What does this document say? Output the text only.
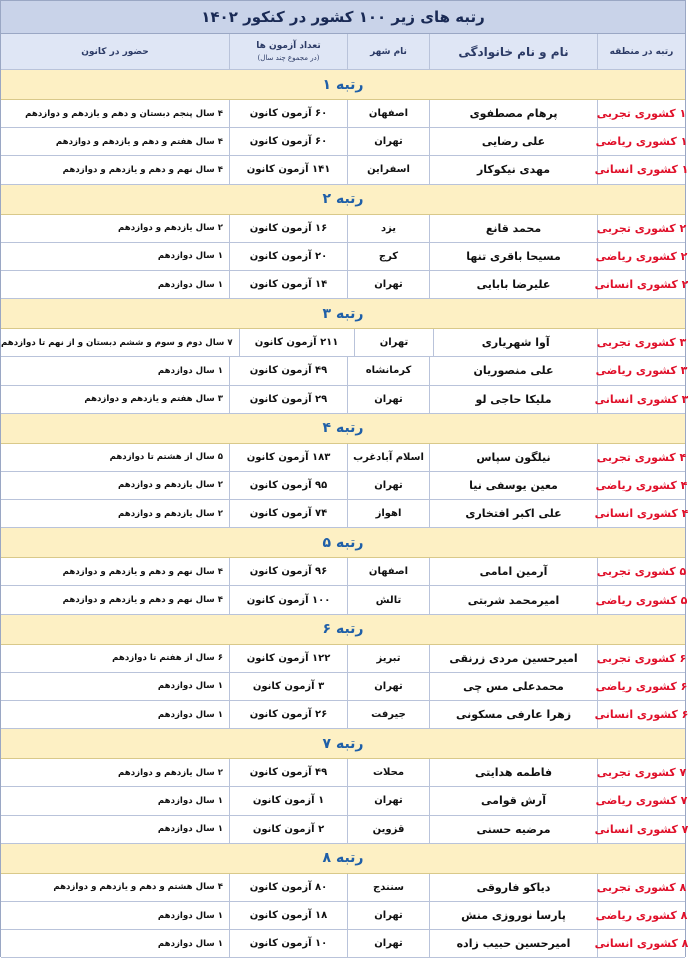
رتبه های زیر ۱۰۰ کشور در کنکور ۱۴۰۲
رتبه در منطقه
نام و نام خانوادگی
نام شهر
تعداد آزمون ها
(در مجموع چند سال)
حضور در کانون
رتبه ۱
۱ کشوری تجربی
پرهام مصطفوی
اصفهان
۶۰ آزمون کانون
۴ سال پنجم دبستان و دهم و یازدهم و دوازدهم
۱ کشوری ریاضی
علی رضایی
تهران
۶۰ آزمون کانون
۴ سال هفتم و دهم و یازدهم و دوازدهم
۱ کشوری انسانی
مهدی نیکوکار
اسفراین
۱۴۱ آزمون کانون
۴ سال نهم و دهم و یازدهم و دوازدهم
رتبه ۲
۲ کشوری تجربی
محمد قانع
یزد
۱۶ آزمون کانون
۲ سال یازدهم و دوازدهم
۲ کشوری ریاضی
مسیحا باقری تنها
کرج
۲۰ آزمون کانون
۱ سال دوازدهم
۲ کشوری انسانی
علیرضا بابایی
تهران
۱۴ آزمون کانون
۱ سال دوازدهم
رتبه ۳
۳ کشوری تجربی
آوا شهریاری
تهران
۲۱۱ آزمون کانون
۷ سال دوم و سوم و ششم دبستان و از نهم تا دوازدهم
۳ کشوری ریاضی
علی منصوریان
کرمانشاه
۴۹ آزمون کانون
۱ سال دوازدهم
۳ کشوری انسانی
ملیکا حاجی لو
تهران
۲۹ آزمون کانون
۳ سال هفتم و یازدهم و دوازدهم
رتبه ۴
۴ کشوری تجربی
نیلگون سپاس
اسلام آبادغرب
۱۸۳ آزمون کانون
۵ سال از هشتم تا دوازدهم
۴ کشوری ریاضی
معین یوسفی نیا
تهران
۹۵ آزمون کانون
۲ سال یازدهم و دوازدهم
۴ کشوری انسانی
علی اکبر افتخاری
اهواز
۷۴ آزمون کانون
۲ سال یازدهم و دوازدهم
رتبه ۵
۵ کشوری تجربی
آرمین امامی
اصفهان
۹۶ آزمون کانون
۴ سال نهم و دهم و یازدهم و دوازدهم
۵ کشوری ریاضی
امیرمحمد شربتی
تالش
۱۰۰ آزمون کانون
۴ سال نهم و دهم و یازدهم و دوازدهم
رتبه ۶
۶ کشوری تجربی
امیرحسین مردی زرنقی
تبریز
۱۲۲ آزمون کانون
۶ سال از هفتم تا دوازدهم
۶ کشوری ریاضی
محمدعلی مس چی
تهران
۳ آزمون کانون
۱ سال دوازدهم
۶ کشوری انسانی
زهرا عارفی مسکونی
جیرفت
۲۶ آزمون کانون
۱ سال دوازدهم
رتبه ۷
۷ کشوری تجربی
فاطمه هدایتی
محلات
۴۹ آزمون کانون
۲ سال یازدهم و دوازدهم
۷ کشوری ریاضی
آرش قوامی
تهران
۱ آزمون کانون
۱ سال دوازدهم
۷ کشوری انسانی
مرضیه حسنی
قزوین
۲ آزمون کانون
۱ سال دوازدهم
رتبه ۸
۸ کشوری تجربی
دیاکو فاروقی
سنندج
۸۰ آزمون کانون
۴ سال هشتم و دهم و یازدهم و دوازدهم
۸ کشوری ریاضی
پارسا نوروزی منش
تهران
۱۸ آزمون کانون
۱ سال دوازدهم
۸ کشوری انسانی
امیرحسین حبیب زاده
تهران
۱۰ آزمون کانون
۱ سال دوازدهم
